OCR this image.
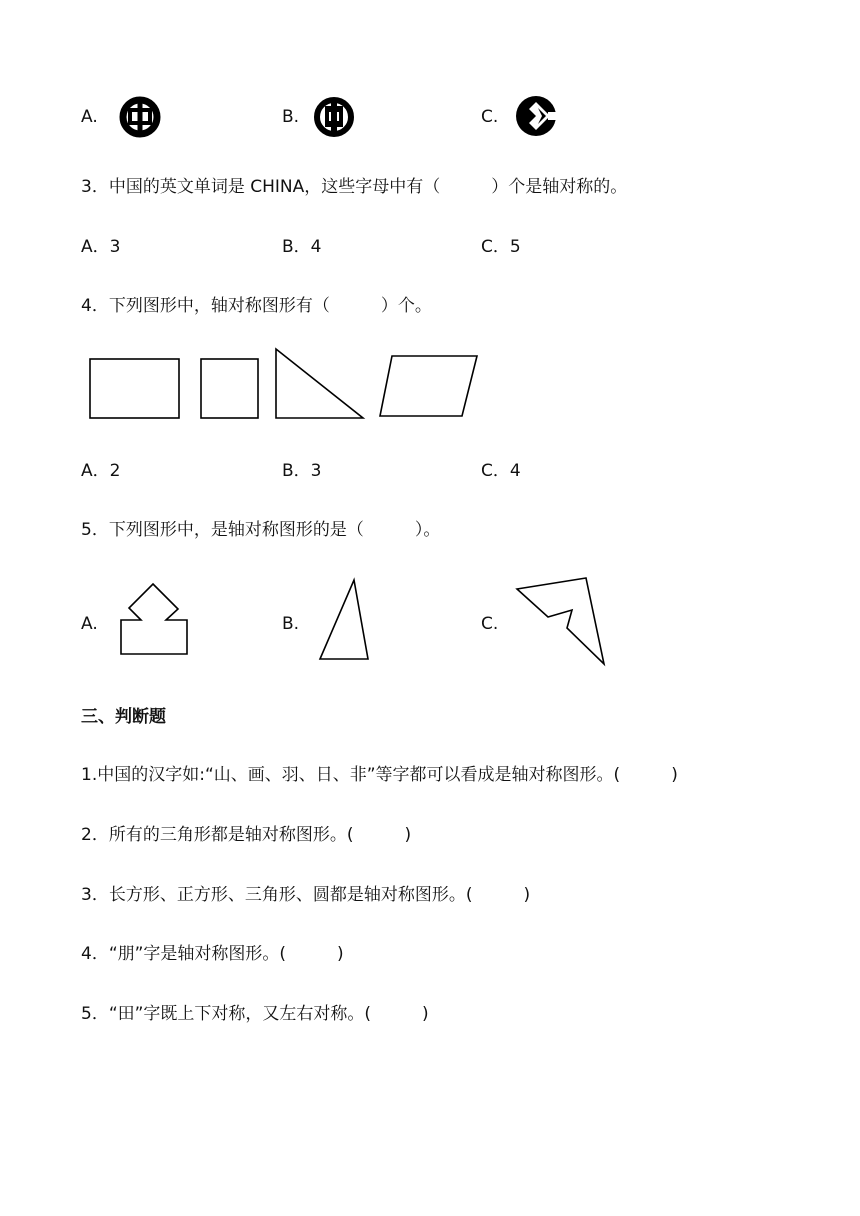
A.	B.	C.
3．中国的英文单词是 CHINA，这些字母中有（　　　）个是轴对称的。
A．3	B．4	C．5
4．下列图形中，轴对称图形有（　　　）个。
A．2	B．3	C．4
5．下列图形中，是轴对称图形的是（　　　）。
A.	B.	C.
三、判断题
1.中国的汉字如:“山、画、羽、日、非”等字都可以看成是轴对称图形。(　　　)
2．所有的三角形都是轴对称图形。(　　　)
3．长方形、正方形、三角形、圆都是轴对称图形。(　　　)
4．“朋”字是轴对称图形。(　　　)
5．“田”字既上下对称，又左右对称。(　　　)
